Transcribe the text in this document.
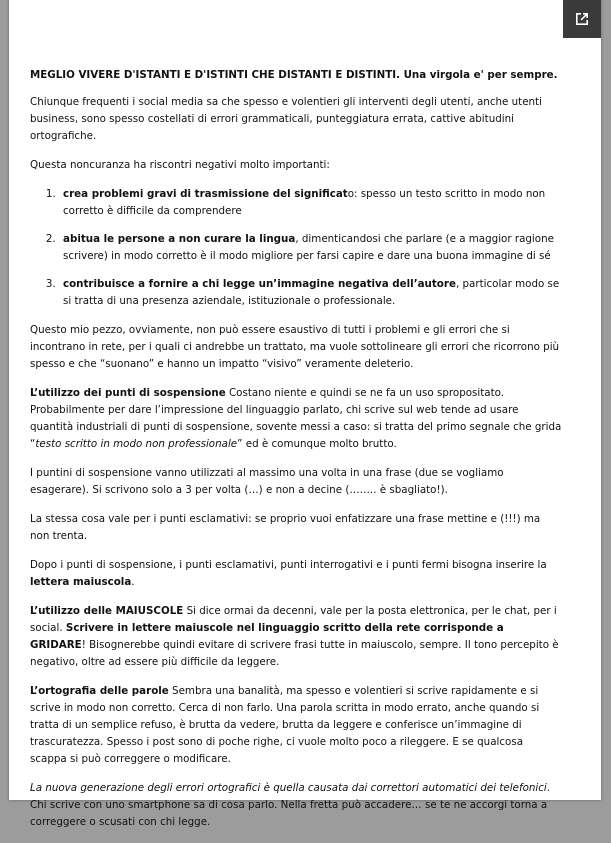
MEGLIO VIVERE D'ISTANTI E D'ISTINTI CHE DISTANTI E DISTINTI. Una virgola e' per sempre.

Chiunque frequenti i social media sa che spesso e volentieri gli interventi degli utenti, anche utenti business, sono spesso costellati di errori grammaticali, punteggiatura errata, cattive abitudini ortografiche.

Questa noncuranza ha riscontri negativi molto importanti:

1. crea problemi gravi di trasmissione del significato: spesso un testo scritto in modo non corretto è difficile da comprendere
2. abitua le persone a non curare la lingua, dimenticandosi che parlare (e a maggior ragione scrivere) in modo corretto è il modo migliore per farsi capire e dare una buona immagine di sé
3. contribuisce a fornire a chi legge un’immagine negativa dell’autore, particolar modo se si tratta di una presenza aziendale, istituzionale o professionale.

Questo mio pezzo, ovviamente, non può essere esaustivo di tutti i problemi e gli errori che si incontrano in rete, per i quali ci andrebbe un trattato, ma vuole sottolineare gli errori che ricorrono più spesso e che “suonano” e hanno un impatto “visivo” veramente deleterio.

L’utilizzo dei punti di sospensione Costano niente e quindi se ne fa un uso spropositato. Probabilmente per dare l’impressione del linguaggio parlato, chi scrive sul web tende ad usare quantità industriali di punti di sospensione, sovente messi a caso: si tratta del primo segnale che grida “testo scritto in modo non professionale” ed è comunque molto brutto.

I puntini di sospensione vanno utilizzati al massimo una volta in una frase (due se vogliamo esagerare). Si scrivono solo a 3 per volta (…) e non a decine (…….. è sbagliato!).

La stessa cosa vale per i punti esclamativi: se proprio vuoi enfatizzare una frase mettine e (!!!) ma non trenta.

Dopo i punti di sospensione, i punti esclamativi, punti interrogativi e i punti fermi bisogna inserire la lettera maiuscola.

L’utilizzo delle MAIUSCOLE Si dice ormai da decenni, vale per la posta elettronica, per le chat, per i social. Scrivere in lettere maiuscole nel linguaggio scritto della rete corrisponde a GRIDARE! Bisognerebbe quindi evitare di scrivere frasi tutte in maiuscolo, sempre. Il tono percepito è negativo, oltre ad essere più difficile da leggere.

L’ortografia delle parole Sembra una banalità, ma spesso e volentieri si scrive rapidamente e si scrive in modo non corretto. Cerca di non farlo. Una parola scritta in modo errato, anche quando si tratta di un semplice refuso, è brutta da vedere, brutta da leggere e conferisce un’immagine di trascuratezza. Spesso i post sono di poche righe, ci vuole molto poco a rileggere. E se qualcosa scappa si può correggere o modificare.

La nuova generazione degli errori ortografici è quella causata dai correttori automatici dei telefonici. Chi scrive con uno smartphone sa di cosa parlo. Nella fretta può accadere… se te ne accorgi torna a correggere o scusati con chi legge.
